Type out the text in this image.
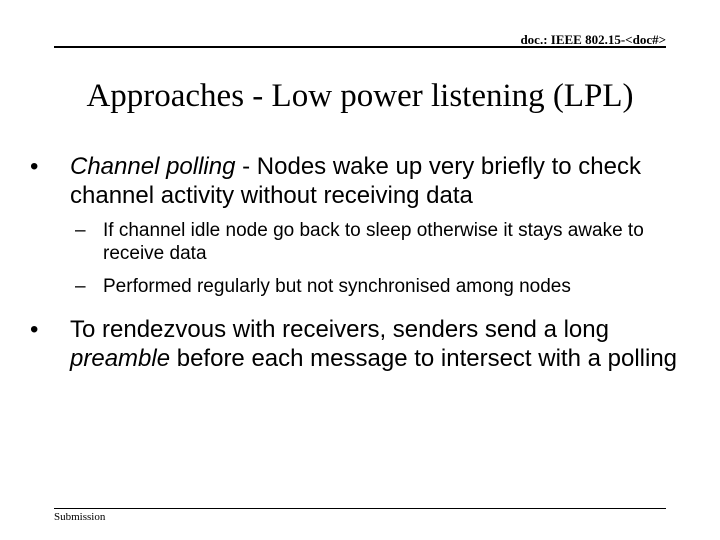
doc.: IEEE 802.15-<doc#>
Approaches - Low power listening (LPL)
• Channel polling - Nodes wake up very briefly to check channel activity without receiving data
– If channel idle node go back to sleep otherwise it stays awake to receive data
– Performed regularly but not synchronised among nodes
• To rendezvous with receivers, senders send a long preamble before each message to intersect with a polling
Submission
